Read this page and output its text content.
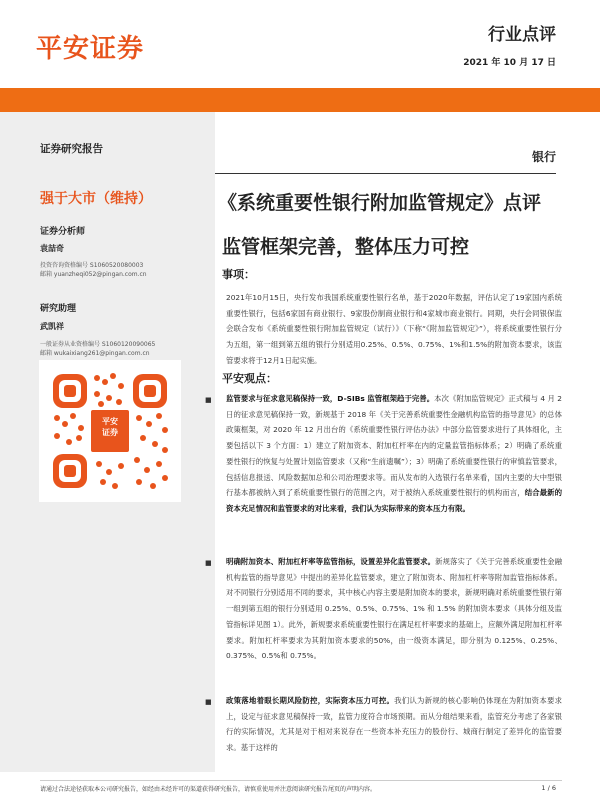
平安证券	行业点评
2021 年 10 月 17 日
证券研究报告
强于大市（维持）
证券分析师
袁喆奇
投资咨询资格编号 S1060520080003
邮箱 yuanzheqi052@pingan.com.cn
研究助理
武凯祥
一般证券从业资格编号 S1060120090065
邮箱 wukaixiang261@pingan.com.cn
平安
证券
银行
《系统重要性银行附加监管规定》点评
监管框架完善，整体压力可控
事项：
2021年10月15日，央行发布我国系统重要性银行名单，基于2020年数据，评估认定了19家国内系统重要性银行，包括6家国有商业银行、9家股份制商业银行和4家城市商业银行。同期，央行会同银保监会联合发布《系统重要性银行附加监管规定（试行）》（下称“《附加监管规定》”），将系统重要性银行分为五组，第一组到第五组的银行分别适用0.25%、0.5%、0.75%、1%和1.5%的附加资本要求，该监管要求将于12月1日起实施。
平安观点：
■ 监管要求与征求意见稿保持一致，D-SIBs 监管框架趋于完善。本次《附加监管规定》正式稿与 4 月 2 日的征求意见稿保持一致，新规基于 2018 年《关于完善系统重要性金融机构监管的指导意见》的总体政策框架，对 2020 年 12 月出台的《系统重要性银行评估办法》中部分监管要求进行了具体细化，主要包括以下 3 个方面：1）建立了附加资本、附加杠杆率在内的定量监管指标体系；2）明确了系统重要性银行的恢复与处置计划监管要求（又称“生前遗嘱”）；3）明确了系统重要性银行的审慎监管要求，包括信息报送、风险数据加总和公司治理要求等。而从发布的入选银行名单来看，国内主要的大中型银行基本都被纳入到了系统重要性银行的范围之内，对于被纳入系统重要性银行的机构而言，结合最新的资本充足情况和监管要求的对比来看，我们认为实际带来的资本压力有限。
■ 明确附加资本、附加杠杆率等监管指标，设置差异化监管要求。新规落实了《关于完善系统重要性金融机构监管的指导意见》中提出的差异化监管要求，建立了附加资本、附加杠杆率等附加监管指标体系。对不同银行分别适用不同的要求，其中核心内容主要是附加资本的要求，新规明确对系统重要性银行第一组到第五组的银行分别适用 0.25%、0.5%、0.75%、1% 和 1.5% 的附加资本要求（具体分组及监管指标详见图 1）。此外，新规要求系统重要性银行在满足杠杆率要求的基础上，应额外满足附加杠杆率要求。附加杠杆率要求为其附加资本要求的50%，由一级资本满足，即分别为 0.125%、0.25%、0.375%、0.5%和 0.75%。
■ 政策落地着眼长期风险防控，实际资本压力可控。我们认为新规的核心影响仍体现在为附加资本要求上，设定与征求意见稿保持一致，监管力度符合市场预期。而从分组结果来看，监管充分考虑了各家银行的实际情况，尤其是对于相对来说存在一些资本补充压力的股份行、城商行制定了差异化的监管要求。基于这样的
请通过合法途径获取本公司研究报告，如经由未经许可的渠道获得研究报告，请慎重使用并注意阅读研究报告尾页的声明内容。	1 / 6
